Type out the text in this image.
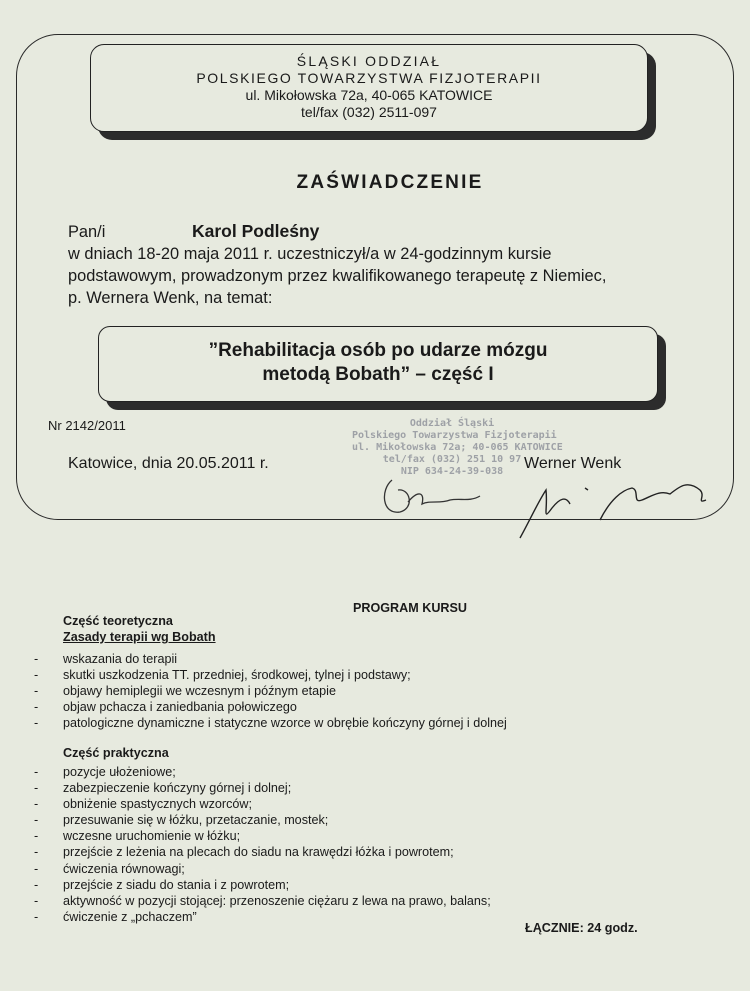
ŚLĄSKI ODDZIAŁ
POLSKIEGO TOWARZYSTWA FIZJOTERAPII
ul. Mikołowska 72a, 40-065 KATOWICE
tel/fax (032) 2511-097
ZAŚWIADCZENIE
Pan/i	Karol Podleśny
w dniach 18-20 maja 2011 r. uczestniczył/a w 24-godzinnym kursie
podstawowym, prowadzonym przez kwalifikowanego terapeutę z Niemiec,
p. Wernera Wenk, na temat:
”Rehabilitacja osób po udarze mózgu
metodą Bobath” – część I
Nr 2142/2011
Katowice, dnia 20.05.2011 r.
Oddział Śląski
Polskiego Towarzystwa Fizjoterapii
ul. Mikołowska 72a; 40-065 KATOWICE
tel/fax (032) 251 10 97
NIP 634-24-39-038	Werner Wenk
PROGRAM KURSU
Część teoretyczna
Zasady terapii wg Bobath
-	wskazania do terapii
-	skutki uszkodzenia TT. przedniej, środkowej, tylnej i podstawy;
-	objawy hemiplegii we wczesnym i późnym etapie
-	objaw pchacza i zaniedbania połowiczego
-	patologiczne dynamiczne i statyczne wzorce w obrębie kończyny górnej i dolnej
Część praktyczna
-	pozycje ułożeniowe;
-	zabezpieczenie kończyny górnej i dolnej;
-	obniżenie spastycznych wzorców;
-	przesuwanie się w łóżku, przetaczanie, mostek;
-	wczesne uruchomienie w łóżku;
-	przejście z leżenia na plecach do siadu na krawędzi łóżka i powrotem;
-	ćwiczenia równowagi;
-	przejście z siadu do stania i z powrotem;
-	aktywność w pozycji stojącej: przenoszenie ciężaru z lewa na prawo, balans;
-	ćwiczenie z „pchaczem”
ŁĄCZNIE: 24 godz.
